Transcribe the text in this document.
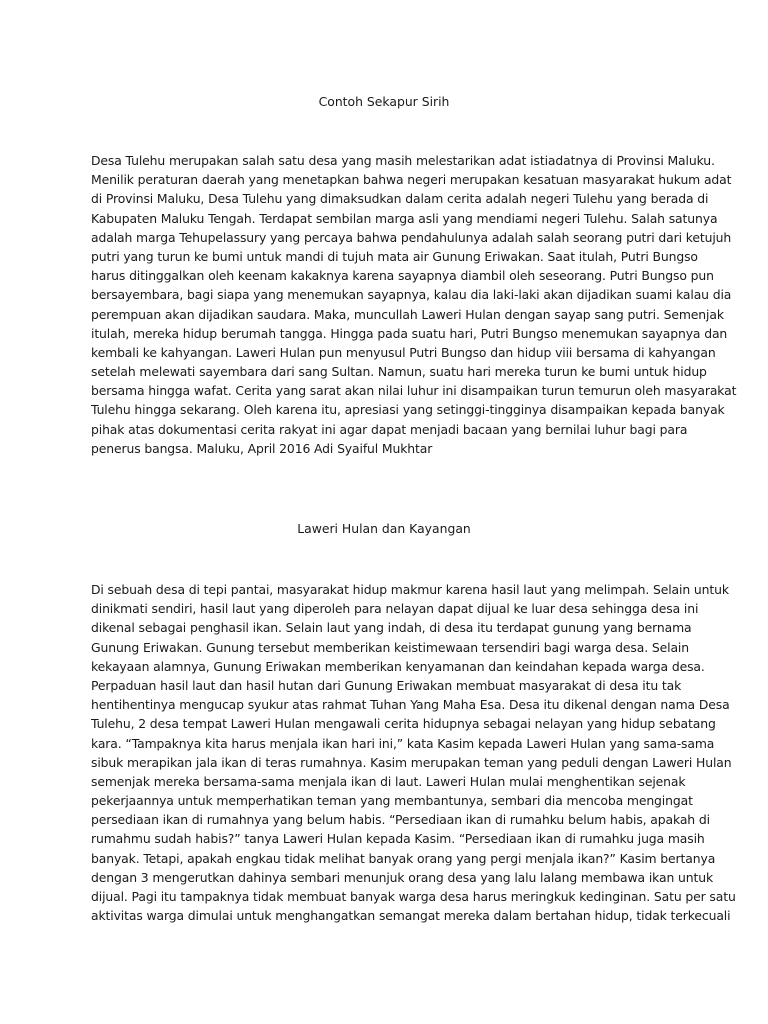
Contoh Sekapur Sirih
Desa Tulehu merupakan salah satu desa yang masih melestarikan adat istiadatnya di Provinsi Maluku.
Menilik peraturan daerah yang menetapkan bahwa negeri merupakan kesatuan masyarakat hukum adat
di Provinsi Maluku, Desa Tulehu yang dimaksudkan dalam cerita adalah negeri Tulehu yang berada di
Kabupaten Maluku Tengah. Terdapat sembilan marga asli yang mendiami negeri Tulehu. Salah satunya
adalah marga Tehupelassury yang percaya bahwa pendahulunya adalah salah seorang putri dari ketujuh
putri yang turun ke bumi untuk mandi di tujuh mata air Gunung Eriwakan. Saat itulah, Putri Bungso
harus ditinggalkan oleh keenam kakaknya karena sayapnya diambil oleh seseorang. Putri Bungso pun
bersayembara, bagi siapa yang menemukan sayapnya, kalau dia laki-laki akan dijadikan suami kalau dia
perempuan akan dijadikan saudara. Maka, muncullah Laweri Hulan dengan sayap sang putri. Semenjak
itulah, mereka hidup berumah tangga. Hingga pada suatu hari, Putri Bungso menemukan sayapnya dan
kembali ke kahyangan. Laweri Hulan pun menyusul Putri Bungso dan hidup viii bersama di kahyangan
setelah melewati sayembara dari sang Sultan. Namun, suatu hari mereka turun ke bumi untuk hidup
bersama hingga wafat. Cerita yang sarat akan nilai luhur ini disampaikan turun temurun oleh masyarakat
Tulehu hingga sekarang. Oleh karena itu, apresiasi yang setinggi-tingginya disampaikan kepada banyak
pihak atas dokumentasi cerita rakyat ini agar dapat menjadi bacaan yang bernilai luhur bagi para
penerus bangsa. Maluku, April 2016 Adi Syaiful Mukhtar
Laweri Hulan dan Kayangan
Di sebuah desa di tepi pantai, masyarakat hidup makmur karena hasil laut yang melimpah. Selain untuk
dinikmati sendiri, hasil laut yang diperoleh para nelayan dapat dijual ke luar desa sehingga desa ini
dikenal sebagai penghasil ikan. Selain laut yang indah, di desa itu terdapat gunung yang bernama
Gunung Eriwakan. Gunung tersebut memberikan keistimewaan tersendiri bagi warga desa. Selain
kekayaan alamnya, Gunung Eriwakan memberikan kenyamanan dan keindahan kepada warga desa.
Perpaduan hasil laut dan hasil hutan dari Gunung Eriwakan membuat masyarakat di desa itu tak
hentihentinya mengucap syukur atas rahmat Tuhan Yang Maha Esa. Desa itu dikenal dengan nama Desa
Tulehu, 2 desa tempat Laweri Hulan mengawali cerita hidupnya sebagai nelayan yang hidup sebatang
kara. “Tampaknya kita harus menjala ikan hari ini,” kata Kasim kepada Laweri Hulan yang sama-sama
sibuk merapikan jala ikan di teras rumahnya. Kasim merupakan teman yang peduli dengan Laweri Hulan
semenjak mereka bersama-sama menjala ikan di laut. Laweri Hulan mulai menghentikan sejenak
pekerjaannya untuk memperhatikan teman yang membantunya, sembari dia mencoba mengingat
persediaan ikan di rumahnya yang belum habis. “Persediaan ikan di rumahku belum habis, apakah di
rumahmu sudah habis?” tanya Laweri Hulan kepada Kasim. “Persediaan ikan di rumahku juga masih
banyak. Tetapi, apakah engkau tidak melihat banyak orang yang pergi menjala ikan?” Kasim bertanya
dengan 3 mengerutkan dahinya sembari menunjuk orang desa yang lalu lalang membawa ikan untuk
dijual. Pagi itu tampaknya tidak membuat banyak warga desa harus meringkuk kedinginan. Satu per satu
aktivitas warga dimulai untuk menghangatkan semangat mereka dalam bertahan hidup, tidak terkecuali
